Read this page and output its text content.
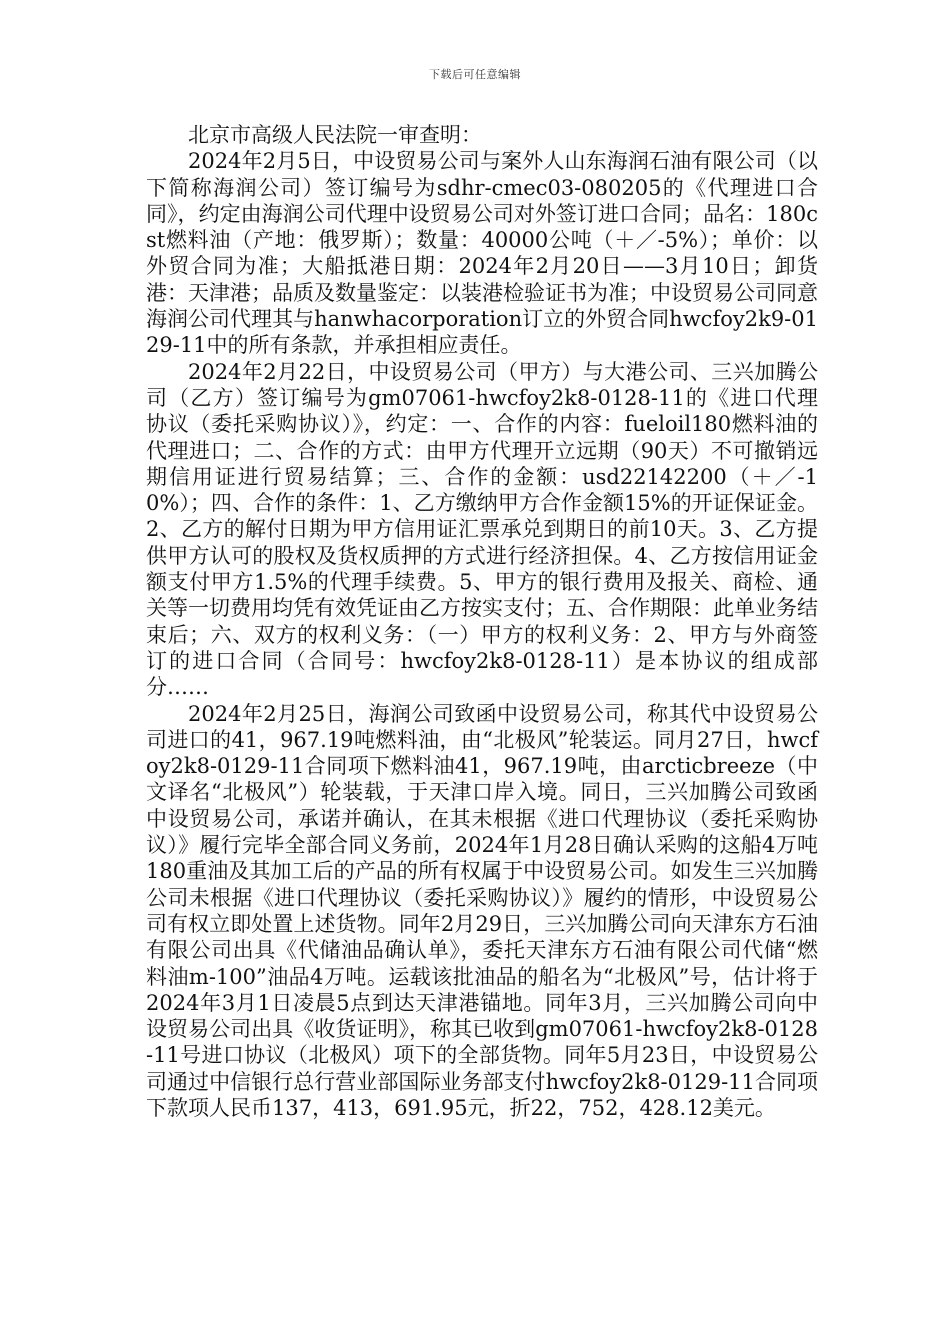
下载后可任意编辑

北京市高级人民法院一审查明：

2024年2月5日，中设贸易公司与案外人山东海润石油有限公司（以下简称海润公司）签订编号为sdhr-cmec03-080205的《代理进口合同》，约定由海润公司代理中设贸易公司对外签订进口合同；品名：180cst燃料油（产地：俄罗斯）；数量：40000公吨（＋／-5%）；单价：以外贸合同为准；大船抵港日期：2024年2月20日——3月10日；卸货港：天津港；品质及数量鉴定：以装港检验证书为准；中设贸易公司同意海润公司代理其与hanwhacorporation订立的外贸合同hwcfoy2k9-0129-11中的所有条款，并承担相应责任。

2024年2月22日，中设贸易公司（甲方）与大港公司、三兴加腾公司（乙方）签订编号为gm07061-hwcfoy2k8-0128-11的《进口代理协议（委托采购协议）》，约定：一、合作的内容：fueloil180燃料油的代理进口；二、合作的方式：由甲方代理开立远期（90天）不可撤销远期信用证进行贸易结算；三、合作的金额：usd22142200（＋／-10%）；四、合作的条件：1、乙方缴纳甲方合作金额15%的开证保证金。2、乙方的解付日期为甲方信用证汇票承兑到期日的前10天。3、乙方提供甲方认可的股权及货权质押的方式进行经济担保。4、乙方按信用证金额支付甲方1.5%的代理手续费。5、甲方的银行费用及报关、商检、通关等一切费用均凭有效凭证由乙方按实支付；五、合作期限：此单业务结束后；六、双方的权利义务：（一）甲方的权利义务：2、甲方与外商签订的进口合同（合同号：hwcfoy2k8-0128-11）是本协议的组成部分……

2024年2月25日，海润公司致函中设贸易公司，称其代中设贸易公司进口的41，967.19吨燃料油，由“北极风”轮装运。同月27日，hwcfoy2k8-0129-11合同项下燃料油41，967.19吨，由arcticbreeze（中文译名“北极风”）轮装载，于天津口岸入境。同日，三兴加腾公司致函中设贸易公司，承诺并确认，在其未根据《进口代理协议（委托采购协议）》履行完毕全部合同义务前，2024年1月28日确认采购的这船4万吨180重油及其加工后的产品的所有权属于中设贸易公司。如发生三兴加腾公司未根据《进口代理协议（委托采购协议）》履约的情形，中设贸易公司有权立即处置上述货物。同年2月29日，三兴加腾公司向天津东方石油有限公司出具《代储油品确认单》，委托天津东方石油有限公司代储“燃料油m-100”油品4万吨。运载该批油品的船名为“北极风”号，估计将于2024年3月1日凌晨5点到达天津港锚地。同年3月，三兴加腾公司向中设贸易公司出具《收货证明》，称其已收到gm07061-hwcfoy2k8-0128-11号进口协议（北极风）项下的全部货物。同年5月23日，中设贸易公司通过中信银行总行营业部国际业务部支付hwcfoy2k8-0129-11合同项下款项人民币137，413，691.95元，折22，752，428.12美元。
